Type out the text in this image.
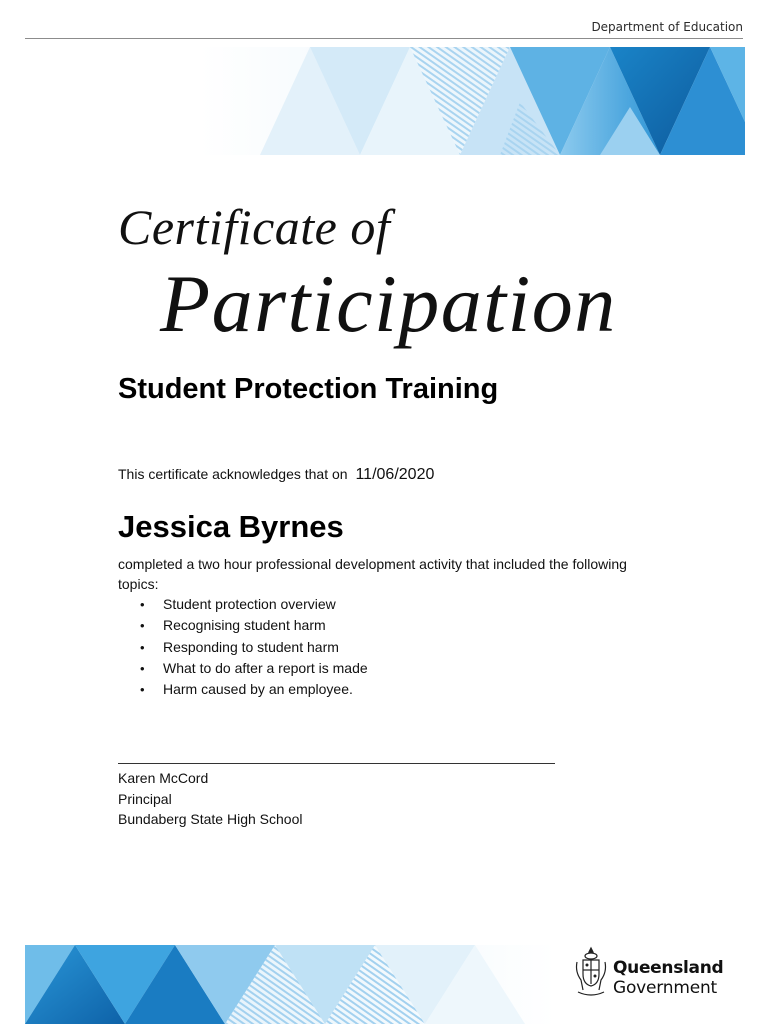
Department of Education
Certificate of
Participation
Student Protection Training
This certificate acknowledges that on 11/06/2020
Jessica Byrnes
completed a two hour professional development activity that included the following topics:
• Student protection overview
• Recognising student harm
• Responding to student harm
• What to do after a report is made
• Harm caused by an employee.
Karen McCord
Principal
Bundaberg State High School
Queensland
Government
